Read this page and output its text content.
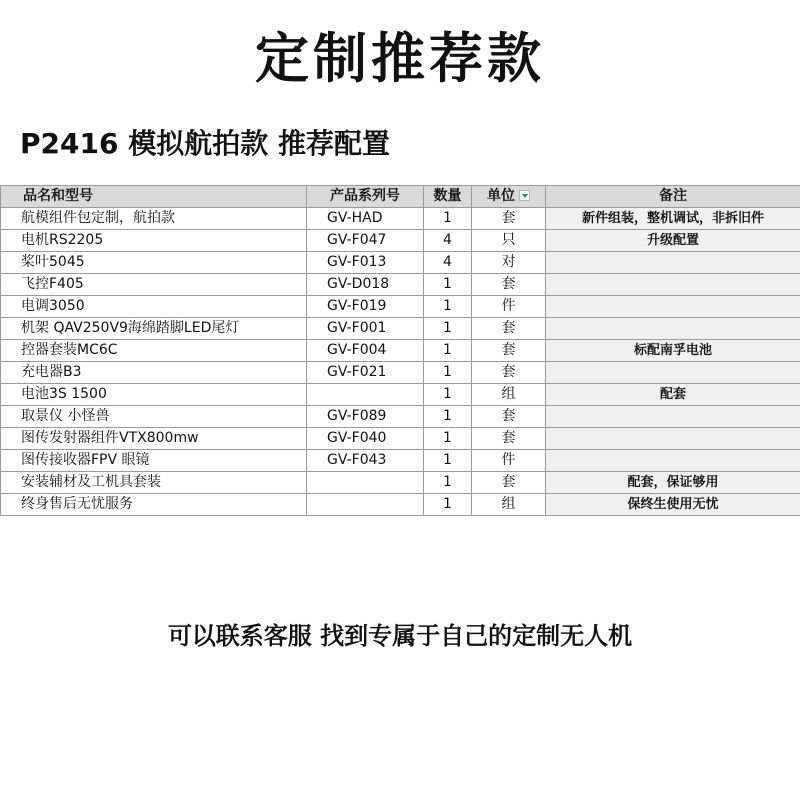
定制推荐款
P2416 模拟航拍款 推荐配置
品名和型号	产品系列号	数量	单位	备注
航模组件包定制，航拍款	GV-HAD	1	套	新件组装，整机调试，非拆旧件
电机RS2205	GV-F047	4	只	升级配置
桨叶5045	GV-F013	4	对	
飞控F405	GV-D018	1	套	
电调3050	GV-F019	1	件	
机架 QAV250V9海绵踏脚LED尾灯	GV-F001	1	套	
控器套装MC6C	GV-F004	1	套	标配南孚电池
充电器B3	GV-F021	1	套	
电池3S 1500		1	组	配套
取景仪 小怪兽	GV-F089	1	套	
图传发射器组件VTX800mw	GV-F040	1	套	
图传接收器FPV 眼镜	GV-F043	1	件	
安装辅材及工机具套装		1	套	配套，保证够用
终身售后无忧服务		1	组	保终生使用无忧
可以联系客服 找到专属于自己的定制无人机
